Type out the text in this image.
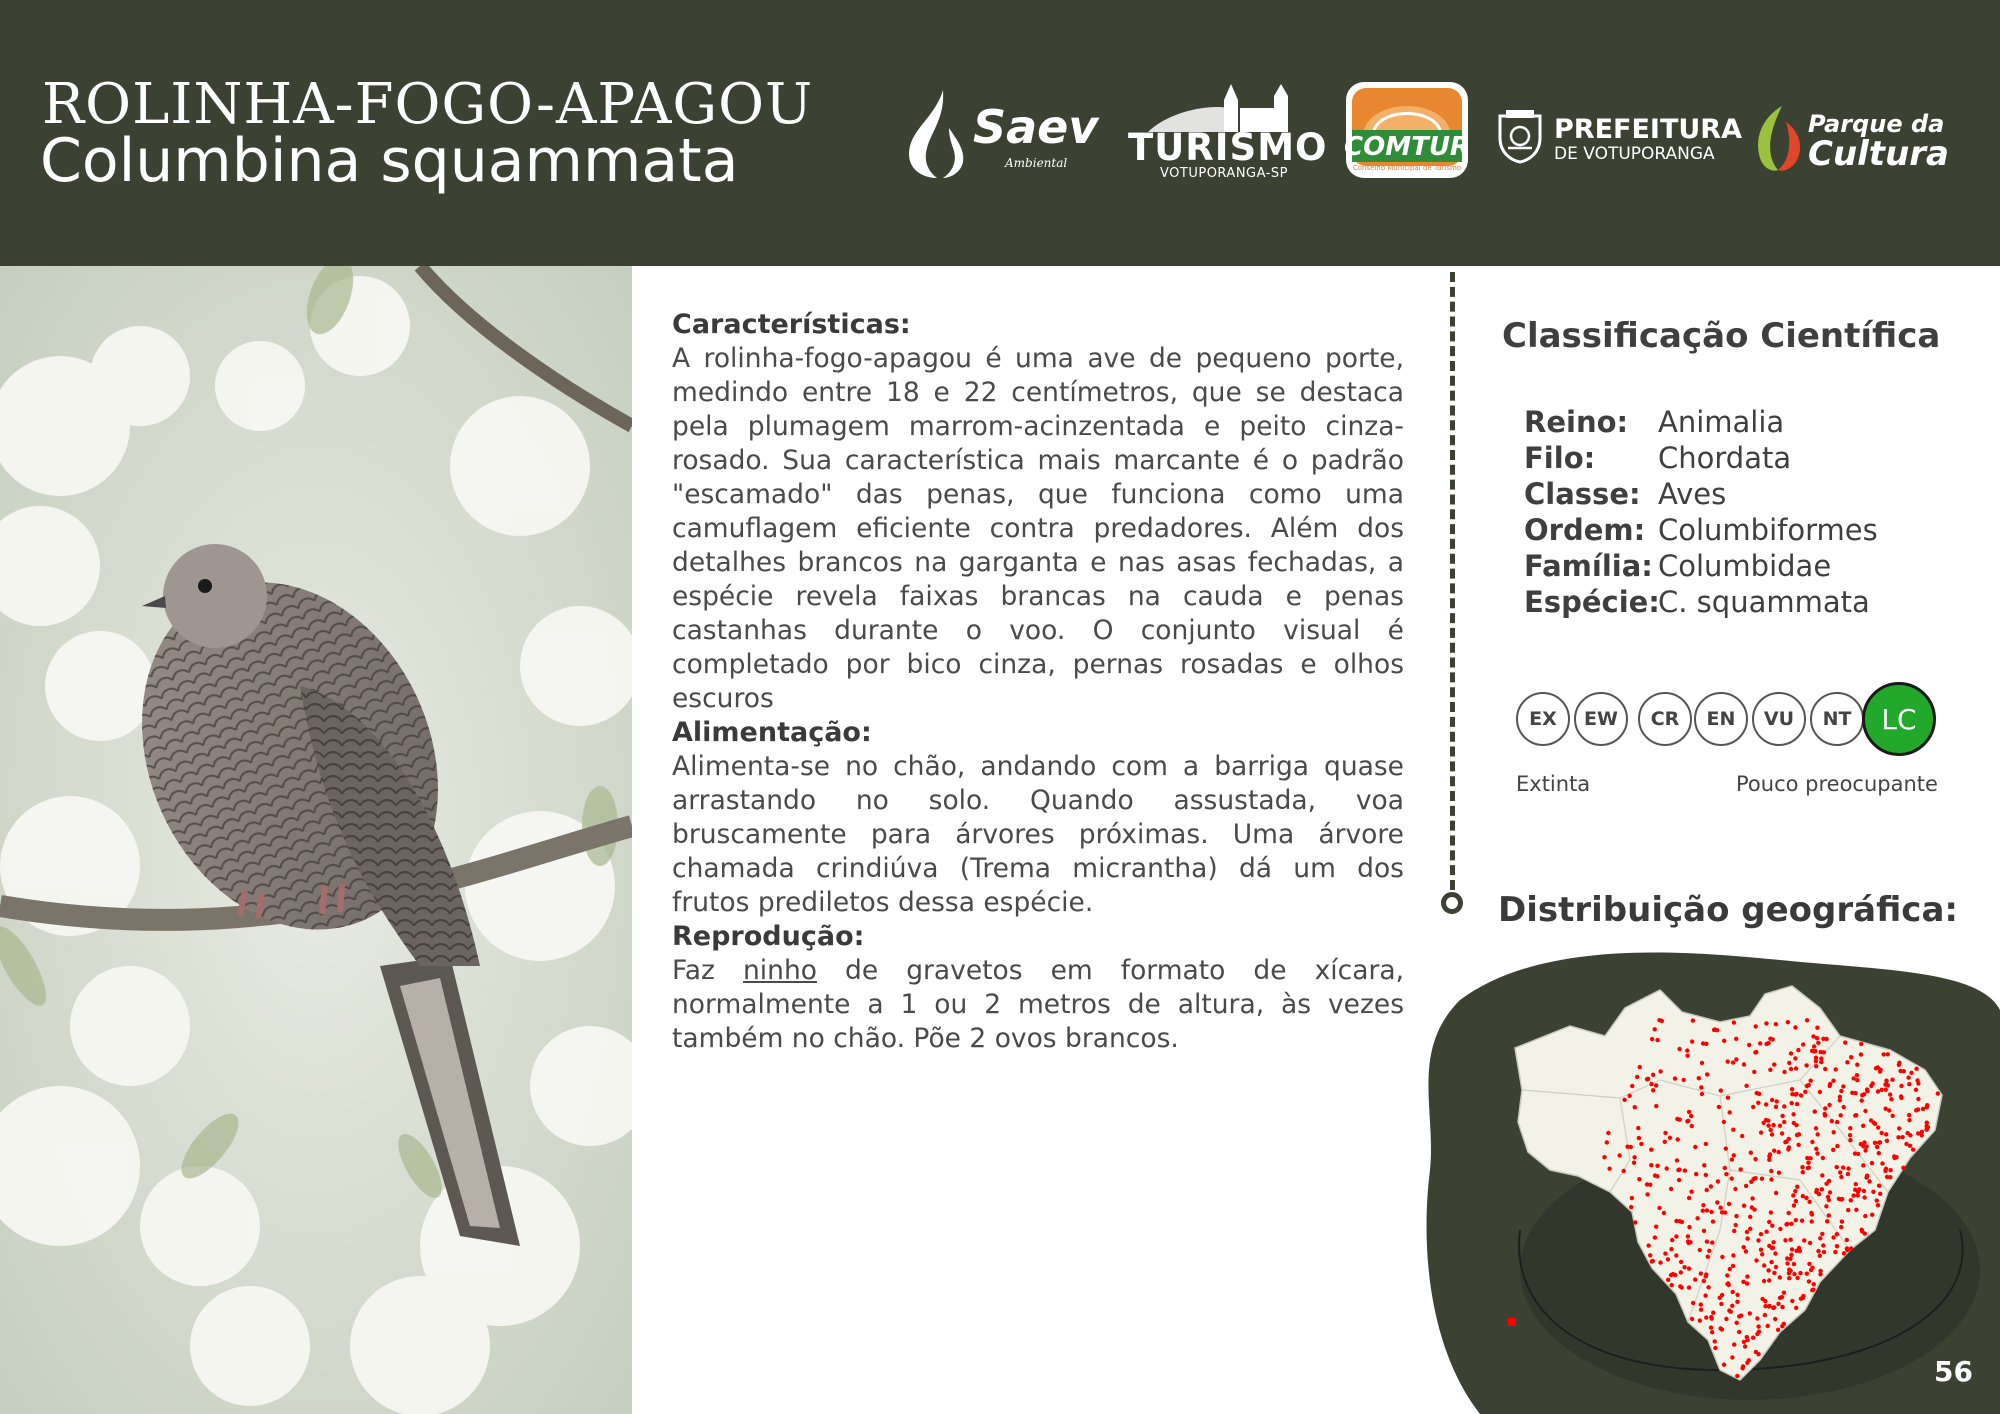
ROLINHA-FOGO-APAGOU
Columbina squammata	Saev
Ambiental TURISMO
VOTUPORANGA-SP
COMTUR
Conselho Municipal de Turismo
PREFEITURA
DE VOTUPORANGA
Parque da
Cultura
Características:

A rolinha-fogo-apagou é uma ave de pequeno porte, medindo entre 18 e 22 centímetros, que se destaca pela plumagem marrom-acinzentada e peito cinza-rosado. Sua característica mais marcante é o padrão "escamado" das penas, que funciona como uma camuflagem eficiente contra predadores. Além dos detalhes brancos na garganta e nas asas fechadas, a espécie revela faixas brancas na cauda e penas castanhas durante o voo. O conjunto visual é completado por bico cinza, pernas rosadas e olhos escuros

Alimentação:

Alimenta-se no chão, andando com a barriga quase arrastando no solo. Quando assustada, voa bruscamente para árvores próximas. Uma árvore chamada crindiúva (Trema micrantha) dá um dos frutos prediletos dessa espécie.

Reprodução:

Faz ninho de gravetos em formato de xícara, normalmente a 1 ou 2 metros de altura, às vezes também no chão. Põe 2 ovos brancos.

Classificação Científica
Reino:	Animalia
Filo:	Chordata
Classe: Aves
Ordem: Columbiformes
Família: Columbidae
Espécie:
C. squammata
EX	EW	CR	EN	VU	NT	LC
Extinta	Pouco preocupante
Distribuição geográfica:
56
